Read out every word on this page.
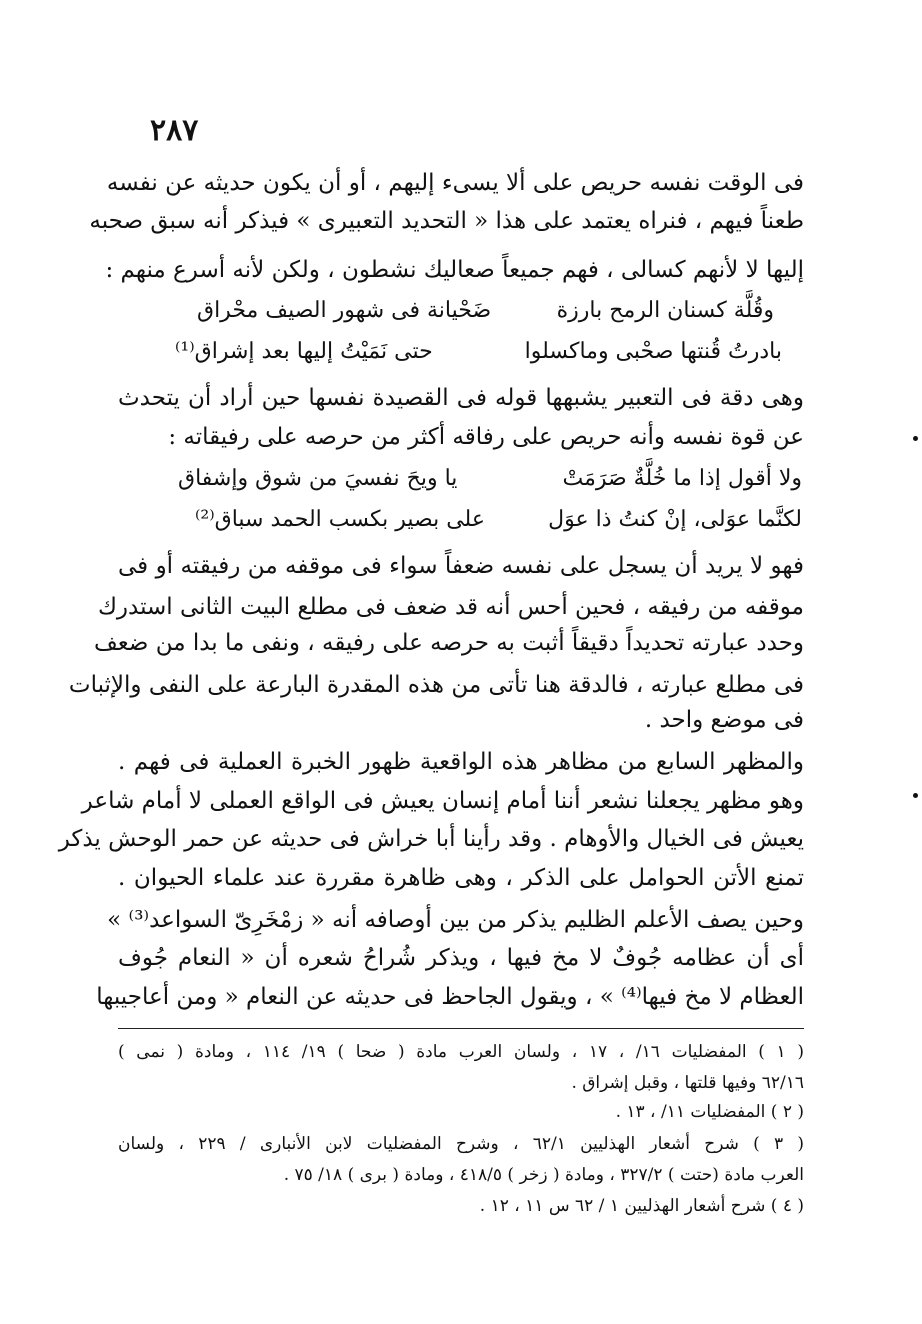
٢٨٧
فى الوقت نفسه حريص على ألا يسىء إليهم ، أو أن يكون حديثه عن نفسه
طعناً فيهم ، فنراه يعتمد على هذا « التحديد التعبيرى » فيذكر أنه سبق صحبه
إليها لا لأنهم كسالى ، فهم جميعاً صعاليك نشطون ، ولكن لأنه أسرع منهم :
وقُلَّة كسنان الرمح بارزة
ضَحْيانة فى شهور الصيف محْراق
بادرتُ قُنتها صحْبى وماكسلوا
حتى نَمَيْتُ إليها بعد إشراق⁽¹⁾
وهى دقة فى التعبير يشبهها قوله فى القصيدة نفسها حين أراد أن يتحدث
عن قوة نفسه وأنه حريص على رفاقه أكثر من حرصه على رفيقاته :
ولا أقول إذا ما خُلَّةٌ صَرَمَتْ
يا ويحَ نفسيَ من شوق وإشفاق
لكنَّما عوَلى، إنْ كنتُ ذا عوَل
على بصير بكسب الحمد سباق⁽²⁾
فهو لا يريد أن يسجل على نفسه ضعفاً سواء فى موقفه من رفيقته أو فى
موقفه من رفيقه ، فحين أحس أنه قد ضعف فى مطلع البيت الثانى استدرك
وحدد عبارته تحديداً دقيقاً أثبت به حرصه على رفيقه ، ونفى ما بدا من ضعف
فى مطلع عبارته ، فالدقة هنا تأتى من هذه المقدرة البارعة على النفى والإثبات
فى موضع واحد .
والمظهر السابع من مظاهر هذه الواقعية ظهور الخبرة العملية فى فهم .
وهو مظهر يجعلنا نشعر أننا أمام إنسان يعيش فى الواقع العملى لا أمام شاعر
يعيش فى الخيال والأوهام . وقد رأينا أبا خراش فى حديثه عن حمر الوحش يذكر
تمنع الأتن الحوامل على الذكر ، وهى ظاهرة مقررة عند علماء الحيوان .
وحين يصف الأعلم الظليم يذكر من بين أوصافه أنه « زمْخَرِىّ السواعد⁽³⁾ »
أى أن عظامه جُوفٌ لا مخ فيها ، ويذكر شُراحُ شعره أن « النعام جُوف
العظام لا مخ فيها⁽⁴⁾ » ، ويقول الجاحظ فى حديثه عن النعام « ومن أعاجيبها
( ١ ) المفضليات ١٦/ ، ١٧ ، ولسان العرب مادة ( ضحا ) ١٩/ ١١٤ ، ومادة ( نمى )
٦٢/١٦ وفيها قلتها ، وقبل إشراق .
( ٢ ) المفضليات ١١/ ، ١٣ .
( ٣ ) شرح أشعار الهذليين ٦٢/١ ، وشرح المفضليات لابن الأنبارى / ٢٢٩ ، ولسان
العرب مادة (حتت ) ٣٢٧/٢ ، ومادة ( زخر ) ٤١٨/٥ ، ومادة ( برى ) ١٨/ ٧٥ .
( ٤ ) شرح أشعار الهذليين ١ / ٦٢ س ١١ ، ١٢ .
